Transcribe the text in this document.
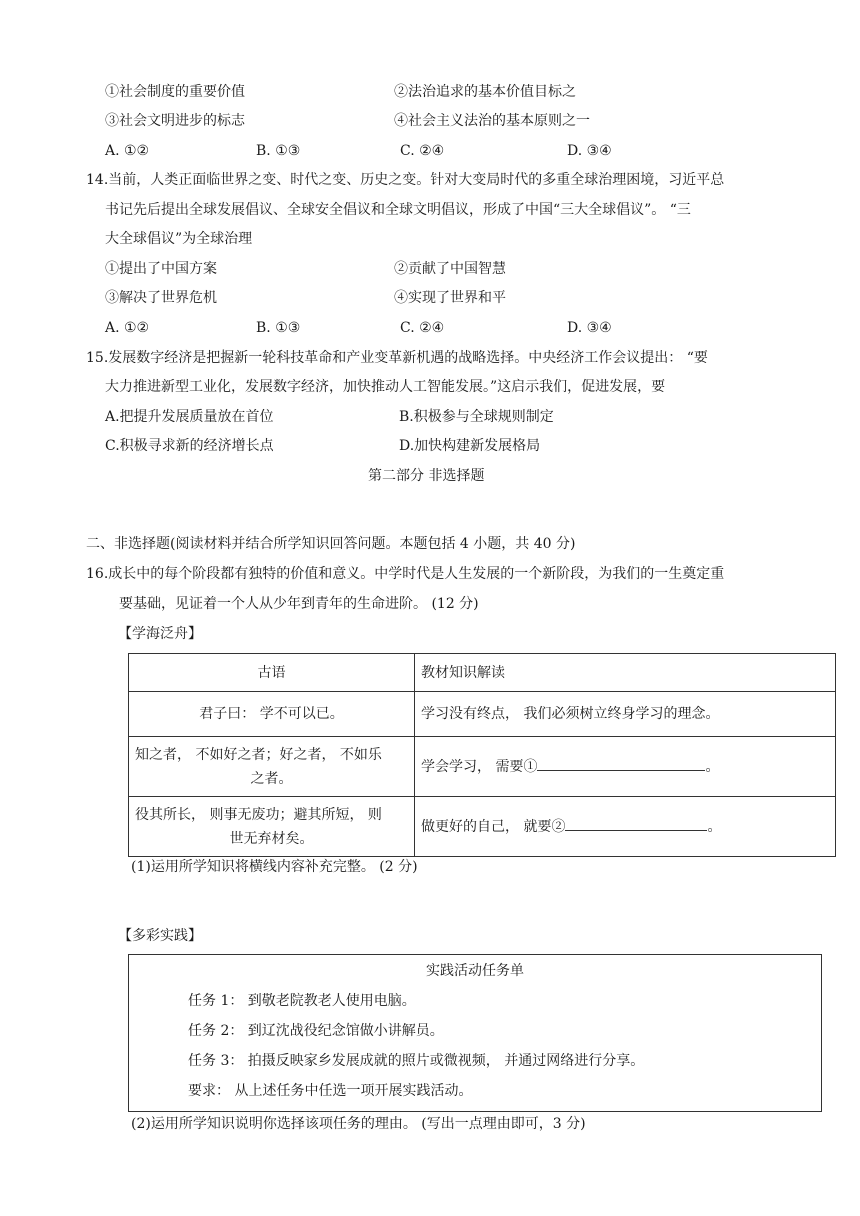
①社会制度的重要价值	②法治追求的基本价值目标之
③社会文明进步的标志	④社会主义法治的基本原则之一
A. ①②	B. ①③	C. ②④	D. ③④
14.当前，人类正面临世界之变、时代之变、历史之变。针对大变局时代的多重全球治理困境，习近平总
书记先后提出全球发展倡议、全球安全倡议和全球文明倡议，形成了中国“三大全球倡议”。 “三
大全球倡议”为全球治理
①提出了中国方案	②贡献了中国智慧
③解决了世界危机	④实现了世界和平
A. ①②	B. ①③	C. ②④	D. ③④
15.发展数字经济是把握新一轮科技革命和产业变革新机遇的战略选择。中央经济工作会议提出： “要
大力推进新型工业化，发展数字经济，加快推动人工智能发展。”这启示我们，促进发展，要
A.把提升发展质量放在首位	B.积极参与全球规则制定
C.积极寻求新的经济增长点	D.加快构建新发展格局
第二部分 非选择题
二、非选择题(阅读材料并结合所学知识回答问题。本题包括 4 小题，共 40 分)
16.成长中的每个阶段都有独特的价值和意义。中学时代是人生发展的一个新阶段，为我们的一生奠定重
要基础，见证着一个人从少年到青年的生命进阶。 (12 分)
【学海泛舟】
古语	教材知识解读
君子曰： 学不可以已。	学习没有终点， 我们必须树立终身学习的理念。

知之者， 不如好之者；好之者， 不如乐
之者。	学会学习， 需要① 。

役其所长， 则事无废功；避其所短， 则
世无弃材矣。	做更好的自己， 就要② 。
(1)运用所学知识将横线内容补充完整。 (2 分)
【多彩实践】
实践活动任务单
任务 1： 到敬老院教老人使用电脑。
任务 2： 到辽沈战役纪念馆做小讲解员。
任务 3： 拍摄反映家乡发展成就的照片或微视频， 并通过网络进行分享。
要求： 从上述任务中任选一项开展实践活动。
(2)运用所学知识说明你选择该项任务的理由。 (写出一点理由即可，3 分)
